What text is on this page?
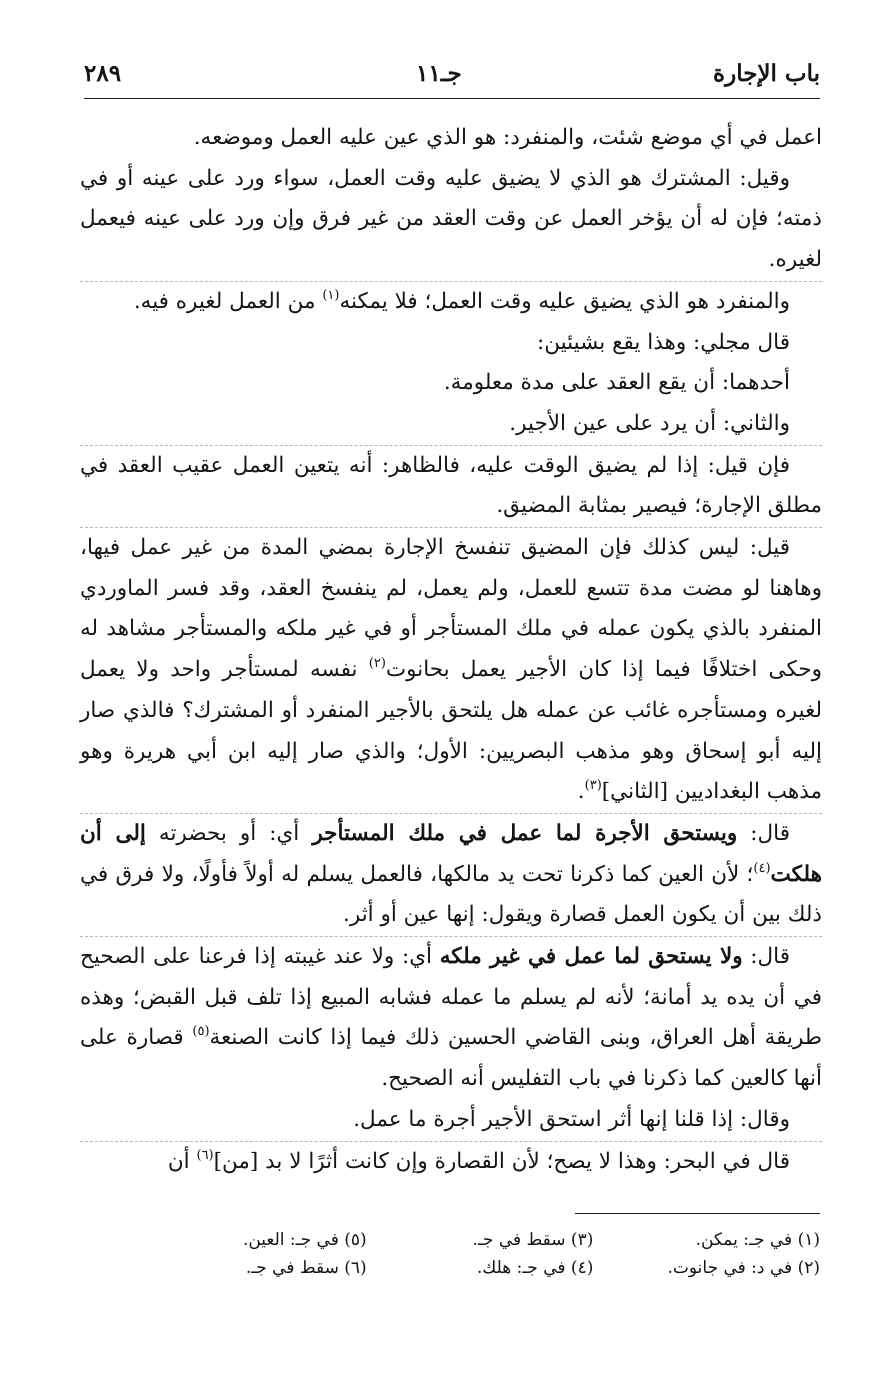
باب الإجارة
جـ١١
٢٨٩

اعمل في أي موضع شئت، والمنفرد: هو الذي عين عليه العمل وموضعه.

وقيل: المشترك هو الذي لا يضيق عليه وقت العمل، سواء ورد على عينه أو في ذمته؛ فإن له أن يؤخر العمل عن وقت العقد من غير فرق وإن ورد على عينه فيعمل لغيره.

والمنفرد هو الذي يضيق عليه وقت العمل؛ فلا يمكنه$^{(١)}$ من العمل لغيره فيه.

قال مجلي: وهذا يقع بشيئين:

أحدهما: أن يقع العقد على مدة معلومة.

والثاني: أن يرد على عين الأجير.

فإن قيل: إذا لم يضيق الوقت عليه، فالظاهر: أنه يتعين العمل عقيب العقد في مطلق الإجارة؛ فيصير بمثابة المضيق.

قيل: ليس كذلك فإن المضيق تنفسخ الإجارة بمضي المدة من غير عمل فيها، وهاهنا لو مضت مدة تتسع للعمل، ولم يعمل، لم ينفسخ العقد، وقد فسر الماوردي المنفرد بالذي يكون عمله في ملك المستأجر أو في غير ملكه والمستأجر مشاهد له وحكى اختلافًا فيما إذا كان الأجير يعمل بحانوت$^{(٢)}$ نفسه لمستأجر واحد ولا يعمل لغيره ومستأجره غائب عن عمله هل يلتحق بالأجير المنفرد أو المشترك؟ فالذي صار إليه أبو إسحاق وهو مذهب البصريين: الأول؛ والذي صار إليه ابن أبي هريرة وهو مذهب البغداديين [الثاني]$^{(٣)}$.

قال: ويستحق الأجرة لما عمل في ملك المستأجر أي: أو بحضرته إلى أن هلكت$^{(٤)}$؛ لأن العين كما ذكرنا تحت يد مالكها، فالعمل يسلم له أولاً فأولًا، ولا فرق في ذلك بين أن يكون العمل قصارة ويقول: إنها عين أو أثر.

قال: ولا يستحق لما عمل في غير ملكه أي: ولا عند غيبته إذا فرعنا على الصحيح في أن يده يد أمانة؛ لأنه لم يسلم ما عمله فشابه المبيع إذا تلف قبل القبض؛ وهذه طريقة أهل العراق، وبنى القاضي الحسين ذلك فيما إذا كانت الصنعة$^{(٥)}$ قصارة على أنها كالعين كما ذكرنا في باب التفليس أنه الصحيح.

وقال: إذا قلنا إنها أثر استحق الأجير أجرة ما عمل.

قال في البحر: وهذا لا يصح؛ لأن القصارة وإن كانت أثرًا لا بد [من]$^{(٦)}$ أن

(١) في جـ: يمكن.
(٣) سقط في جـ.
(٥) في جـ: العين.
(٢) في د: في جانوت.
(٤) في جـ: هلك.
(٦) سقط في جـ.
